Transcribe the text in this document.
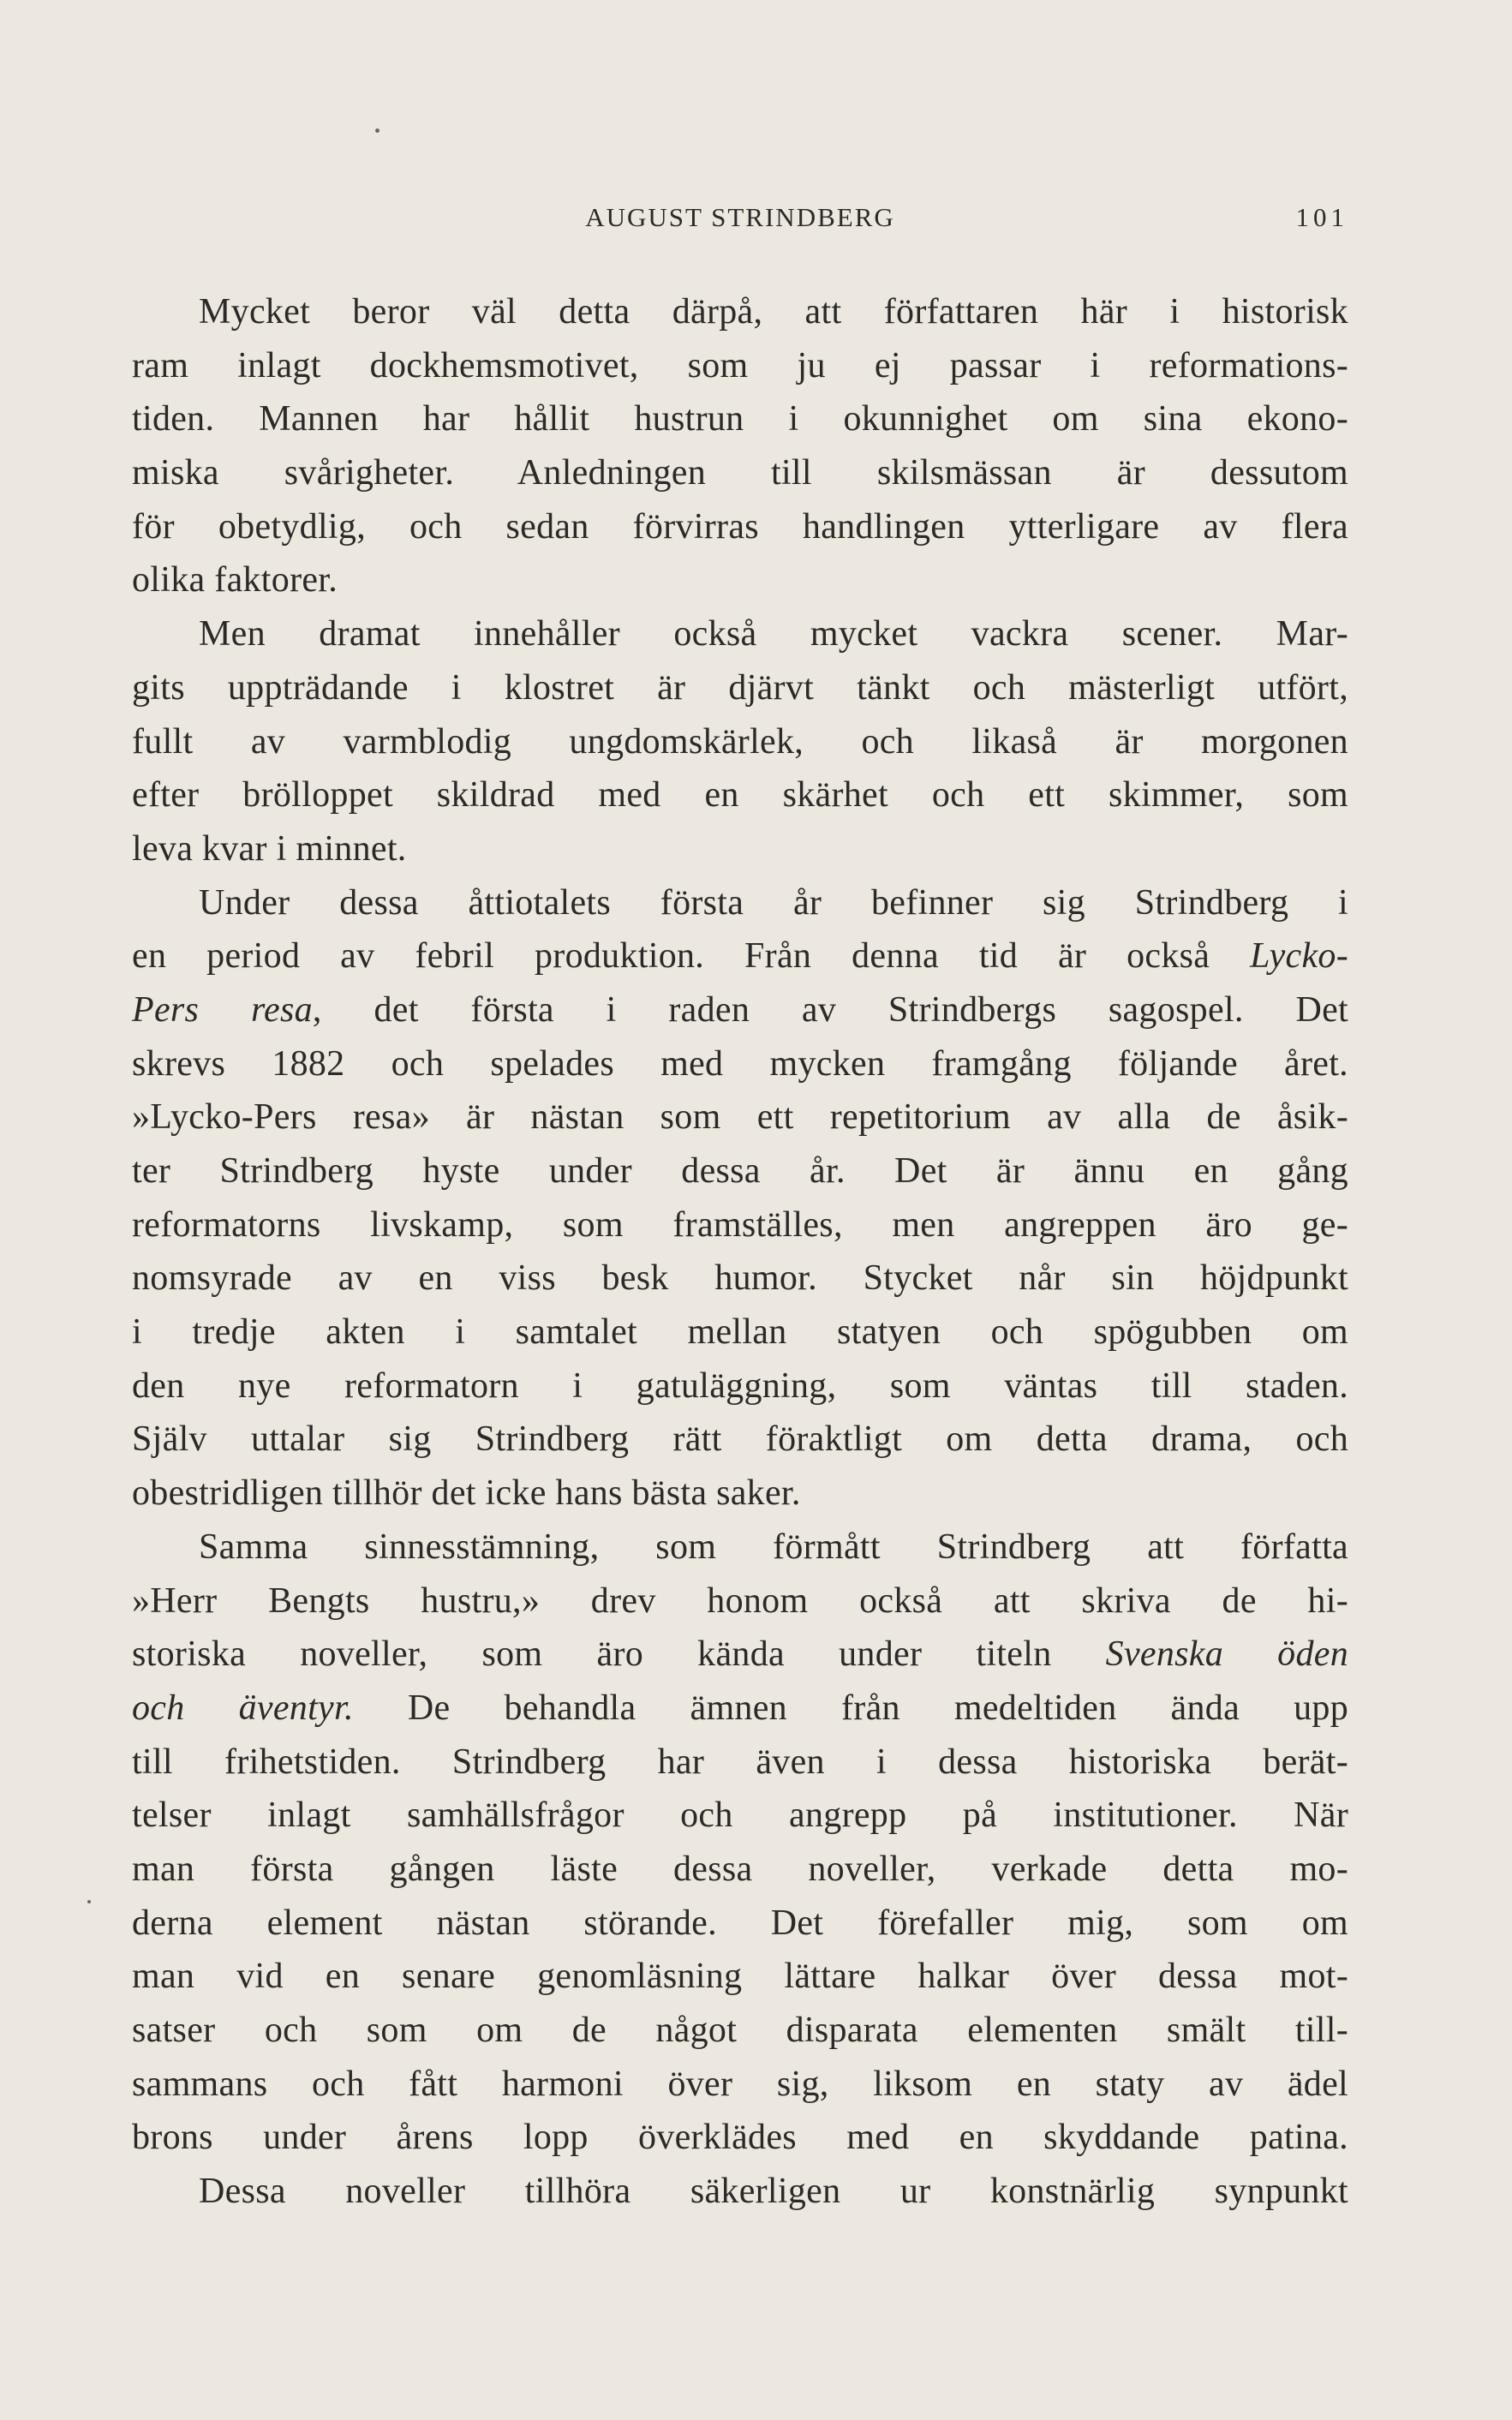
AUGUST STRINDBERG	101
Mycket beror väl detta därpå, att författaren här i historisk
ram inlagt dockhemsmotivet, som ju ej passar i reformations-
tiden. Mannen har hållit hustrun i okunnighet om sina ekono-
miska svårigheter. Anledningen till skilsmässan är dessutom
för obetydlig, och sedan förvirras handlingen ytterligare av flera
olika faktorer.
Men dramat innehåller också mycket vackra scener. Mar-
gits uppträdande i klostret är djärvt tänkt och mästerligt utfört,
fullt av varmblodig ungdomskärlek, och likaså är morgonen
efter brölloppet skildrad med en skärhet och ett skimmer, som
leva kvar i minnet.
Under dessa åttiotalets första år befinner sig Strindberg i
en period av febril produktion. Från denna tid är också Lycko-
Pers resa, det första i raden av Strindbergs sagospel. Det
skrevs 1882 och spelades med mycken framgång följande året.
»Lycko-Pers resa» är nästan som ett repetitorium av alla de åsik-
ter Strindberg hyste under dessa år. Det är ännu en gång
reformatorns livskamp, som framställes, men angreppen äro ge-
nomsyrade av en viss besk humor. Stycket når sin höjdpunkt
i tredje akten i samtalet mellan statyen och spögubben om
den nye reformatorn i gatuläggning, som väntas till staden.
Själv uttalar sig Strindberg rätt föraktligt om detta drama, och
obestridligen tillhör det icke hans bästa saker.
Samma sinnesstämning, som förmått Strindberg att författa
»Herr Bengts hustru,» drev honom också att skriva de hi-
storiska noveller, som äro kända under titeln Svenska öden
och äventyr. De behandla ämnen från medeltiden ända upp
till frihetstiden. Strindberg har även i dessa historiska berät-
telser inlagt samhällsfrågor och angrepp på institutioner. När
man första gången läste dessa noveller, verkade detta mo-
derna element nästan störande. Det förefaller mig, som om
man vid en senare genomläsning lättare halkar över dessa mot-
satser och som om de något disparata elementen smält till-
sammans och fått harmoni över sig, liksom en staty av ädel
brons under årens lopp överklädes med en skyddande patina.
Dessa noveller tillhöra säkerligen ur konstnärlig synpunkt
